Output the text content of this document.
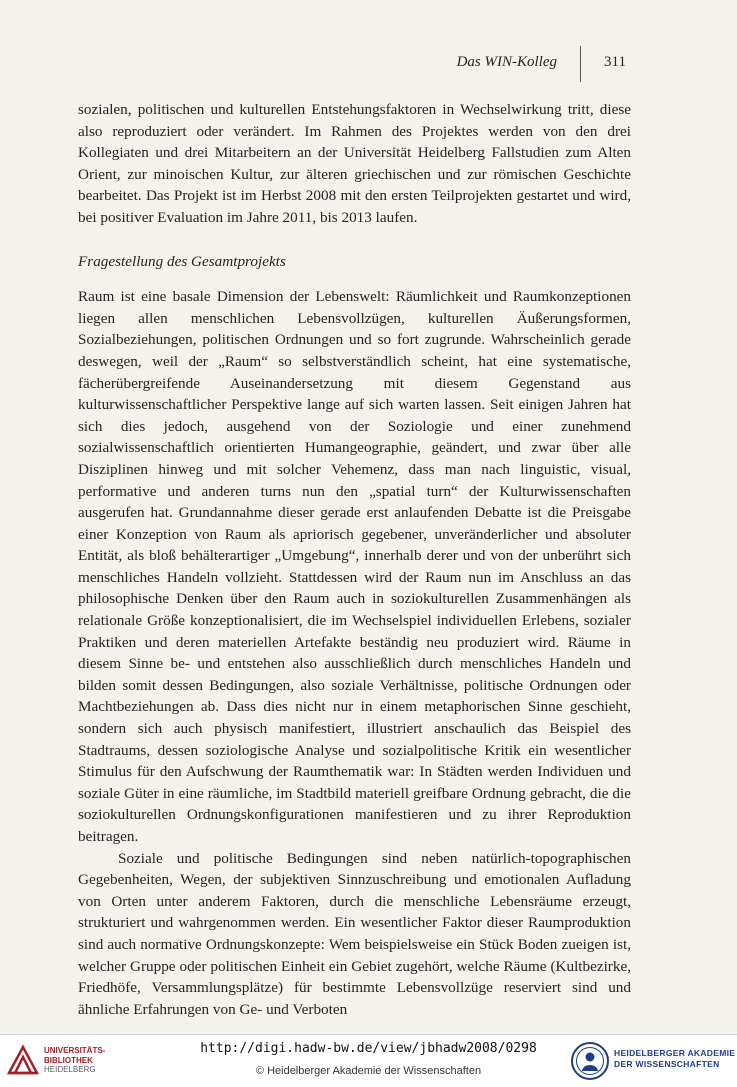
Das WIN-Kolleg	311

sozialen, politischen und kulturellen Entstehungsfaktoren in Wechselwirkung tritt, diese also reproduziert oder verändert. Im Rahmen des Projektes werden von den drei Kollegiaten und drei Mitarbeitern an der Universität Heidelberg Fallstudien zum Alten Orient, zur minoischen Kultur, zur älteren griechischen und zur römischen Geschichte bearbeitet. Das Projekt ist im Herbst 2008 mit den ersten Teilprojekten gestartet und wird, bei positiver Evaluation im Jahre 2011, bis 2013 laufen.

Fragestellung des Gesamtprojekts

Raum ist eine basale Dimension der Lebenswelt: Räumlichkeit und Raumkonzeptionen liegen allen menschlichen Lebensvollzügen, kulturellen Äußerungsformen, Sozialbeziehungen, politischen Ordnungen und so fort zugrunde. Wahrscheinlich gerade deswegen, weil der „Raum“ so selbstverständlich scheint, hat eine systematische, fächerübergreifende Auseinandersetzung mit diesem Gegenstand aus kulturwissenschaftlicher Perspektive lange auf sich warten lassen. Seit einigen Jahren hat sich dies jedoch, ausgehend von der Soziologie und einer zunehmend sozialwissenschaftlich orientierten Humangeographie, geändert, und zwar über alle Disziplinen hinweg und mit solcher Vehemenz, dass man nach linguistic, visual, performative und anderen turns nun den „spatial turn“ der Kulturwissenschaften ausgerufen hat. Grundannahme dieser gerade erst anlaufenden Debatte ist die Preisgabe einer Konzeption von Raum als apriorisch gegebener, unveränderlicher und absoluter Entität, als bloß behälterartiger „Umgebung“, innerhalb derer und von der unberührt sich menschliches Handeln vollzieht. Stattdessen wird der Raum nun im Anschluss an das philosophische Denken über den Raum auch in soziokulturellen Zusammenhängen als relationale Größe konzeptionalisiert, die im Wechselspiel individuellen Erlebens, sozialer Praktiken und deren materiellen Artefakte beständig neu produziert wird. Räume in diesem Sinne be- und entstehen also ausschließlich durch menschliches Handeln und bilden somit dessen Bedingungen, also soziale Verhältnisse, politische Ordnungen oder Machtbeziehungen ab. Dass dies nicht nur in einem metaphorischen Sinne geschieht, sondern sich auch physisch manifestiert, illustriert anschaulich das Beispiel des Stadtraums, dessen soziologische Analyse und sozialpolitische Kritik ein wesentlicher Stimulus für den Aufschwung der Raumthematik war: In Städten werden Individuen und soziale Güter in eine räumliche, im Stadtbild materiell greifbare Ordnung gebracht, die die soziokulturellen Ordnungskonfigurationen manifestieren und zu ihrer Reproduktion beitragen.

Soziale und politische Bedingungen sind neben natürlich-topographischen Gegebenheiten, Wegen, der subjektiven Sinnzuschreibung und emotionalen Aufladung von Orten unter anderem Faktoren, durch die menschliche Lebensräume erzeugt, strukturiert und wahrgenommen werden. Ein wesentlicher Faktor dieser Raumproduktion sind auch normative Ordnungskonzepte: Wem beispielsweise ein Stück Boden zueigen ist, welcher Gruppe oder politischen Einheit ein Gebiet zugehört, welche Räume (Kultbezirke, Friedhöfe, Versammlungsplätze) für bestimmte Lebensvollzüge reserviert sind und ähnliche Erfahrungen von Ge- und Verboten

UNIVERSITÄTS-
BIBLIOTHEK
HEIDELBERG
http://digi.hadw-bw.de/view/jbhadw2008/0298
© Heidelberger Akademie der Wissenschaften
HEIDELBERGER AKADEMIE
DER WISSENSCHAFTEN
